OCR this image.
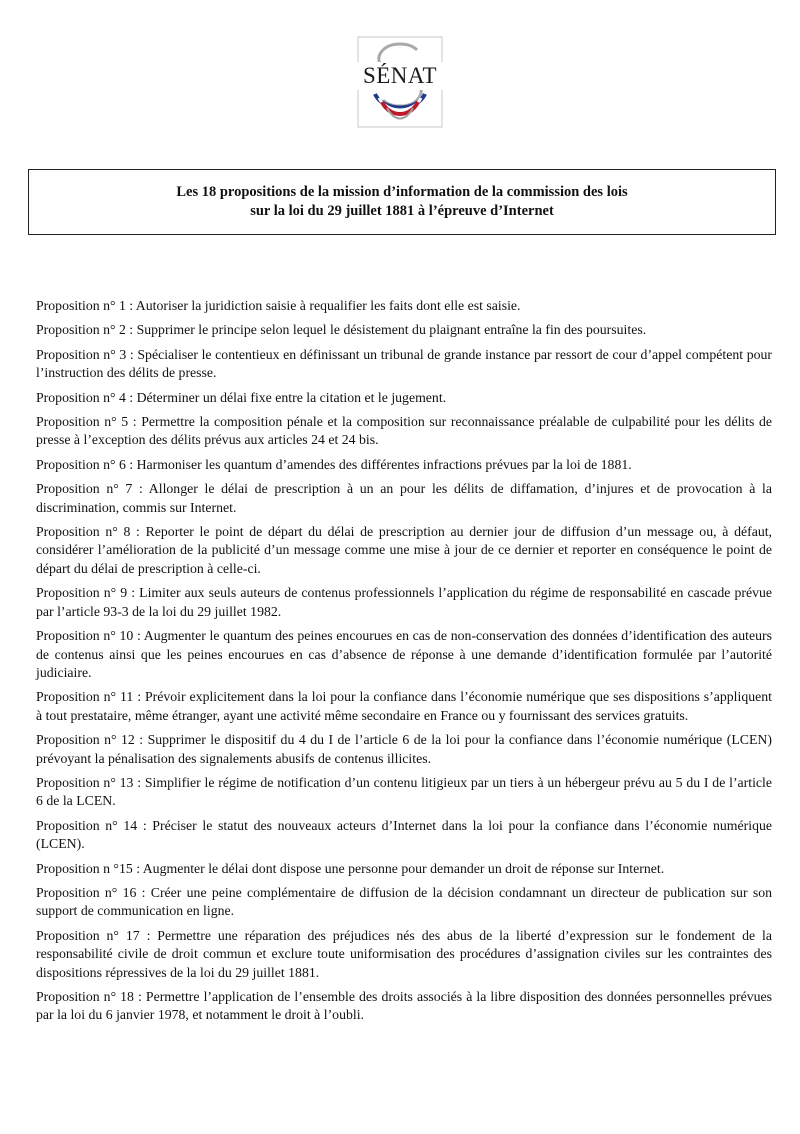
SÉNAT
Les 18 propositions de la mission d’information de la commission des lois
sur la loi du 29 juillet 1881 à l’épreuve d’Internet

Proposition n° 1 : Autoriser la juridiction saisie à requalifier les faits dont elle est saisie.

Proposition n° 2 : Supprimer le principe selon lequel le désistement du plaignant entraîne la fin des poursuites.

Proposition n° 3 : Spécialiser le contentieux en définissant un tribunal de grande instance par ressort de cour d’appel compétent pour l’instruction des délits de presse.

Proposition n° 4 : Déterminer un délai fixe entre la citation et le jugement.

Proposition n° 5 : Permettre la composition pénale et la composition sur reconnaissance préalable de culpabilité pour les délits de presse à l’exception des délits prévus aux articles 24 et 24 bis.

Proposition n° 6 : Harmoniser les quantum d’amendes des différentes infractions prévues par la loi de 1881.

Proposition n° 7 : Allonger le délai de prescription à un an pour les délits de diffamation, d’injures et de provocation à la discrimination, commis sur Internet.

Proposition n° 8 : Reporter le point de départ du délai de prescription au dernier jour de diffusion d’un message ou, à défaut, considérer l’amélioration de la publicité d’un message comme une mise à jour de ce dernier et reporter en conséquence le point de départ du délai de prescription à celle-ci.

Proposition n° 9 : Limiter aux seuls auteurs de contenus professionnels l’application du régime de responsabilité en cascade prévue par l’article 93-3 de la loi du 29 juillet 1982.

Proposition n° 10 : Augmenter le quantum des peines encourues en cas de non-conservation des données d’identification des auteurs de contenus ainsi que les peines encourues en cas d’absence de réponse à une demande d’identification formulée par l’autorité judiciaire.

Proposition n° 11 : Prévoir explicitement dans la loi pour la confiance dans l’économie numérique que ses dispositions s’appliquent à tout prestataire, même étranger, ayant une activité même secondaire en France ou y fournissant des services gratuits.

Proposition n° 12 : Supprimer le dispositif du 4 du I de l’article 6 de la loi pour la confiance dans l’économie numérique (LCEN) prévoyant la pénalisation des signalements abusifs de contenus illicites.

Proposition n° 13 : Simplifier le régime de notification d’un contenu litigieux par un tiers à un hébergeur prévu au 5 du I de l’article 6 de la LCEN.

Proposition n° 14 : Préciser le statut des nouveaux acteurs d’Internet dans la loi pour la confiance dans l’économie numérique (LCEN).

Proposition n °15 : Augmenter le délai dont dispose une personne pour demander un droit de réponse sur Internet.

Proposition n° 16 : Créer une peine complémentaire de diffusion de la décision condamnant un directeur de publication sur son support de communication en ligne.

Proposition n° 17 : Permettre une réparation des préjudices nés des abus de la liberté d’expression sur le fondement de la responsabilité civile de droit commun et exclure toute uniformisation des procédures d’assignation civiles sur les contraintes des dispositions répressives de la loi du 29 juillet 1881.

Proposition n° 18 : Permettre l’application de l’ensemble des droits associés à la libre disposition des données personnelles prévues par la loi du 6 janvier 1978, et notamment le droit à l’oubli.
